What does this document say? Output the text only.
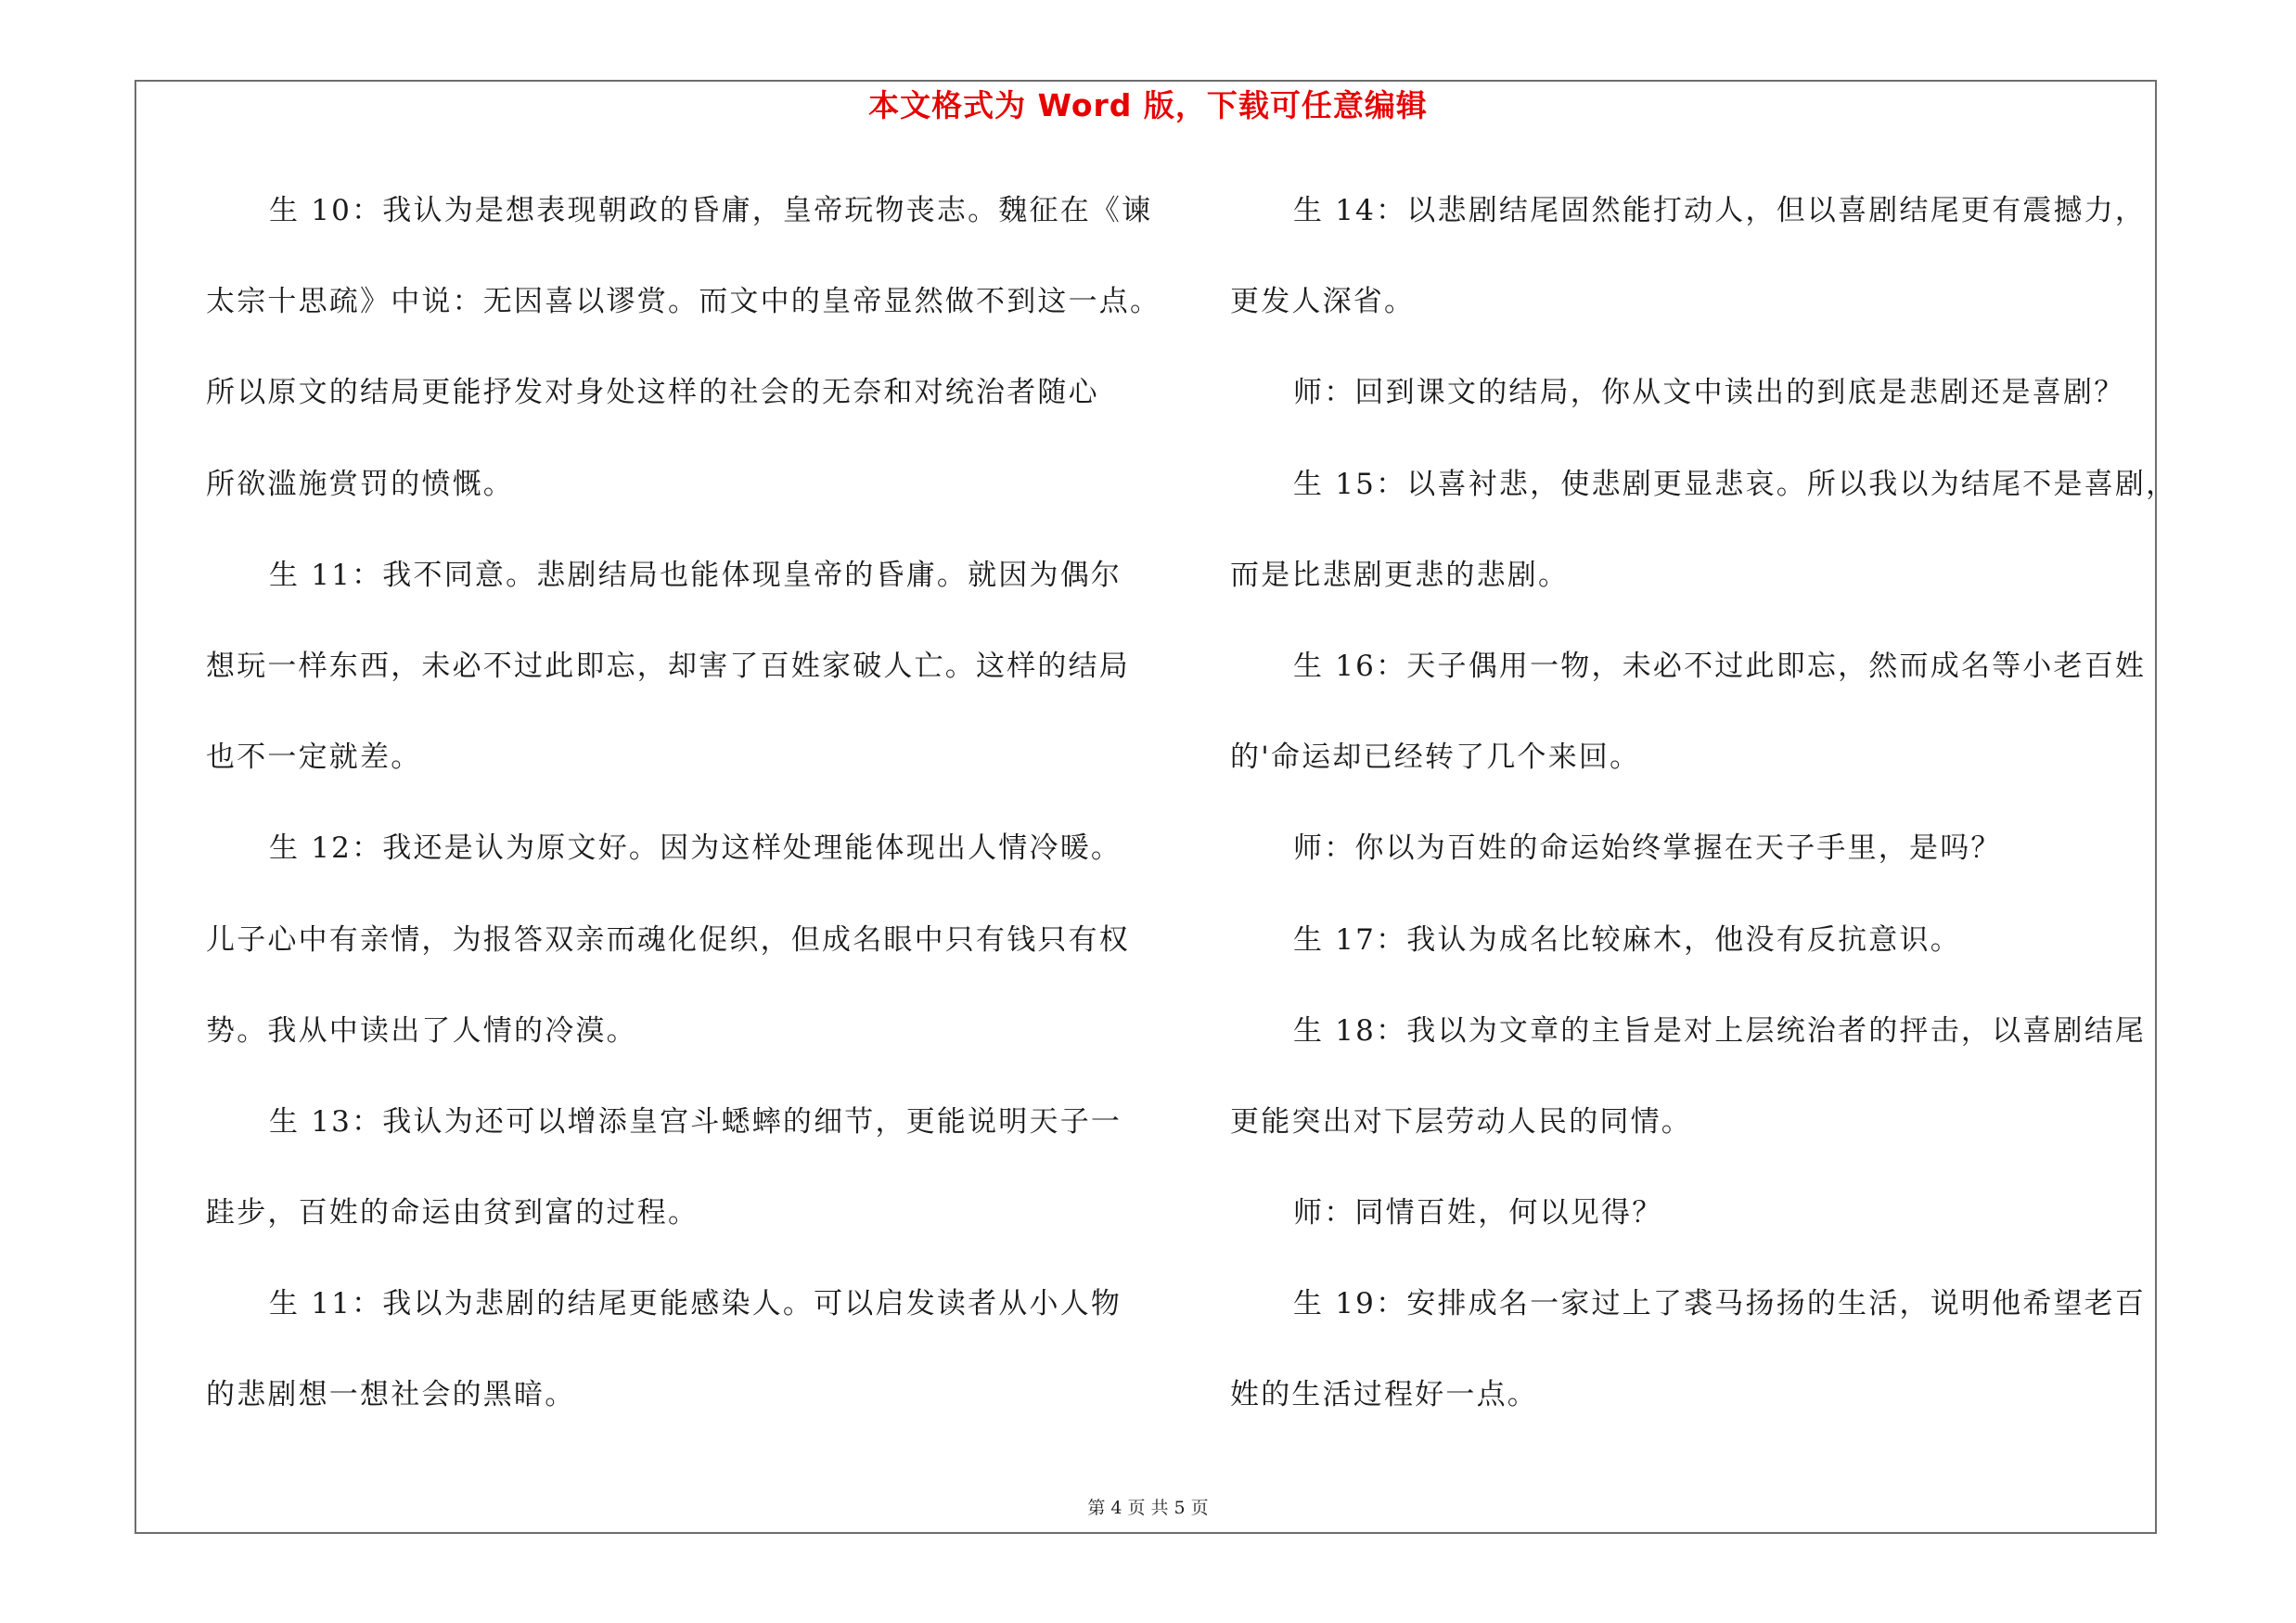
本文格式为 Word 版，下载可任意编辑
生 10：我认为是想表现朝政的昏庸，皇帝玩物丧志。魏征在《谏
太宗十思疏》中说：无因喜以谬赏。而文中的皇帝显然做不到这一点。
所以原文的结局更能抒发对身处这样的社会的无奈和对统治者随心
所欲滥施赏罚的愤慨。
生 11：我不同意。悲剧结局也能体现皇帝的昏庸。就因为偶尔
想玩一样东西，未必不过此即忘，却害了百姓家破人亡。这样的结局
也不一定就差。
生 12：我还是认为原文好。因为这样处理能体现出人情冷暖。
儿子心中有亲情，为报答双亲而魂化促织，但成名眼中只有钱只有权
势。我从中读出了人情的冷漠。
生 13：我认为还可以增添皇宫斗蟋蟀的细节，更能说明天子一
跬步，百姓的命运由贫到富的过程。
生 11：我以为悲剧的结尾更能感染人。可以启发读者从小人物
的悲剧想一想社会的黑暗。
生 14：以悲剧结尾固然能打动人，但以喜剧结尾更有震撼力，
更发人深省。
师：回到课文的结局，你从文中读出的到底是悲剧还是喜剧？
生 15：以喜衬悲，使悲剧更显悲哀。所以我以为结尾不是喜剧，
而是比悲剧更悲的悲剧。
生 16：天子偶用一物，未必不过此即忘，然而成名等小老百姓
的'命运却已经转了几个来回。
师：你以为百姓的命运始终掌握在天子手里，是吗？
生 17：我认为成名比较麻木，他没有反抗意识。
生 18：我以为文章的主旨是对上层统治者的抨击，以喜剧结尾
更能突出对下层劳动人民的同情。
师：同情百姓，何以见得？
生 19：安排成名一家过上了裘马扬扬的生活，说明他希望老百
姓的生活过程好一点。
第 4 页 共 5 页
